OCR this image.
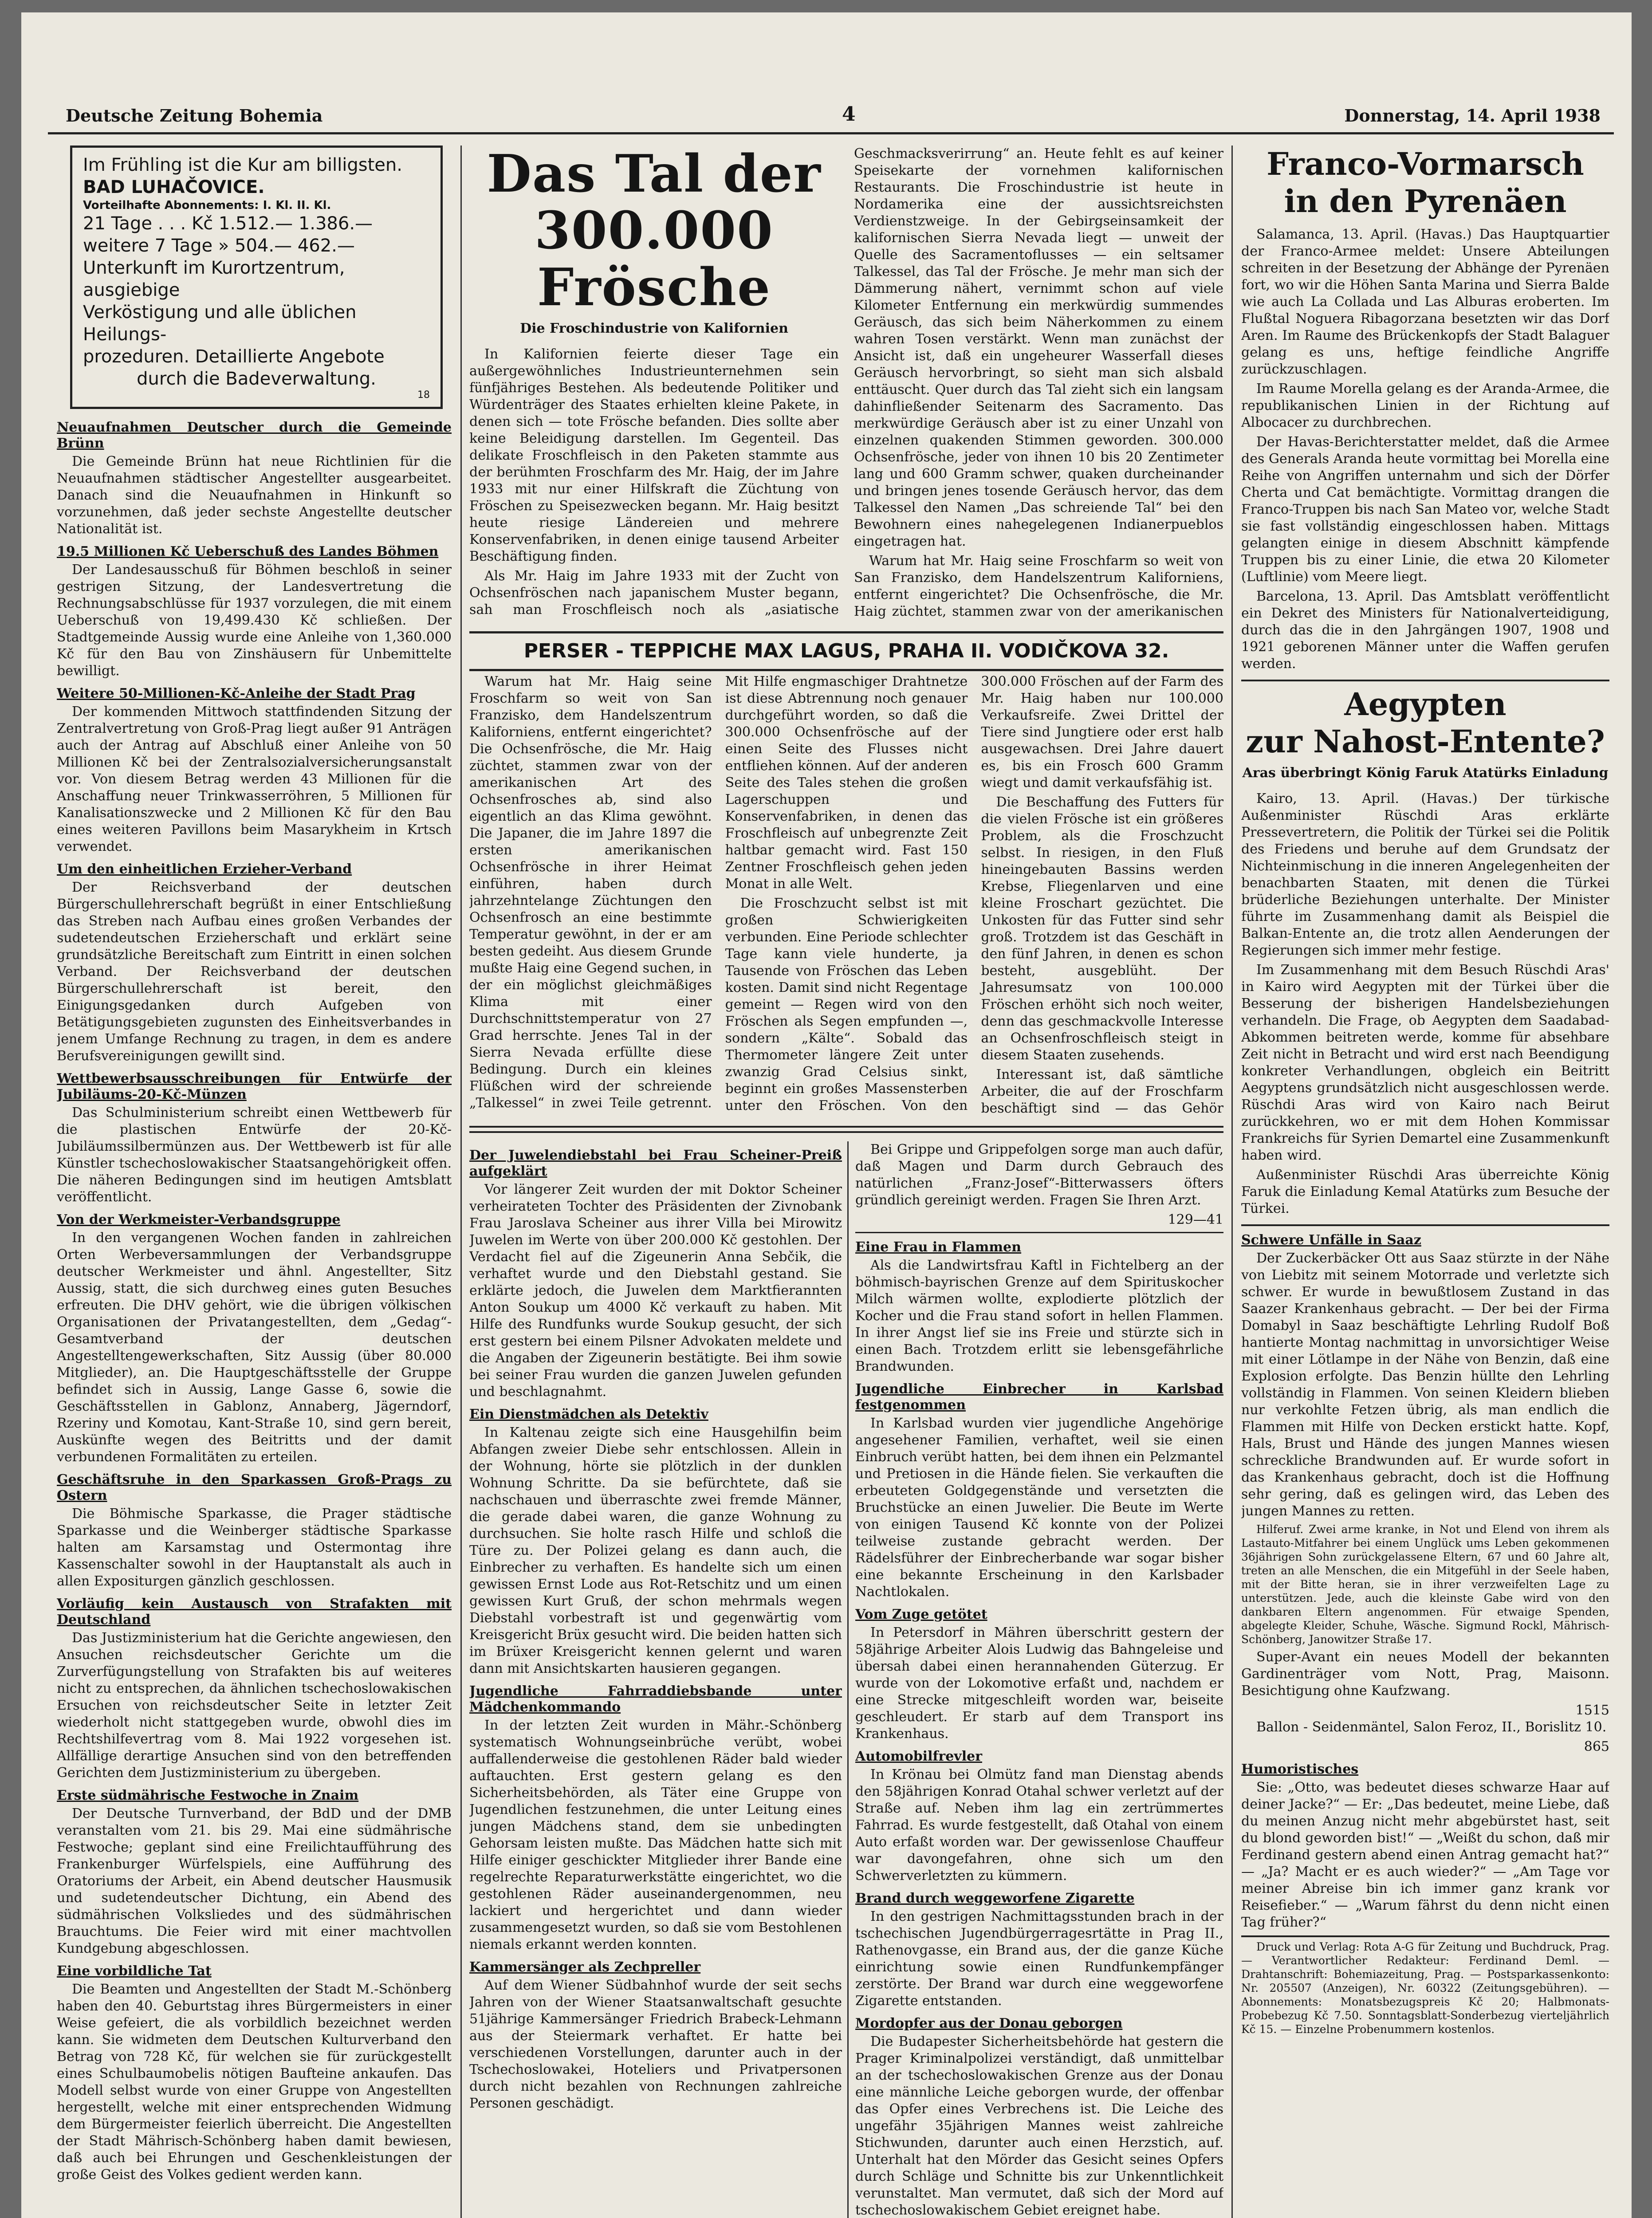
Deutsche Zeitung Bohemia	4	Donnerstag, 14. April 1938
Im Frühling ist die Kur am billigsten.
BAD LUHAČOVICE.
Vorteilhafte Abonnements: I. Kl. II. Kl.
21 Tage . . . Kč 1.512.— 1.386.—
weitere 7 Tage » 504.— 462.—
Unterkunft im Kurortzentrum, ausgiebige
Verköstigung und alle üblichen Heilungs-
prozeduren. Detaillierte Angebote
durch die Badeverwaltung.
18
Neuaufnahmen Deutscher durch die Gemeinde Brünn

Die Gemeinde Brünn hat neue Richtlinien für die Neuaufnahmen städtischer Angestellter ausgearbeitet. Danach sind die Neuaufnahmen in Hinkunft so vorzunehmen, daß jeder sechste Angestellte deutscher Nationalität ist.

19.5 Millionen Kč Ueberschuß des Landes Böhmen

Der Landesausschuß für Böhmen beschloß in seiner gestrigen Sitzung, der Landesvertretung die Rechnungsabschlüsse für 1937 vorzulegen, die mit einem Ueberschuß von 19,499.430 Kč schließen. Der Stadtgemeinde Aussig wurde eine Anleihe von 1,360.000 Kč für den Bau von Zinshäusern für Unbemittelte bewilligt.

Weitere 50-Millionen-Kč-Anleihe der Stadt Prag

Der kommenden Mittwoch stattfindenden Sitzung der Zentralvertretung von Groß-Prag liegt außer 91 Anträgen auch der Antrag auf Abschluß einer Anleihe von 50 Millionen Kč bei der Zentralsozialversicherungsanstalt vor. Von diesem Betrag werden 43 Millionen für die Anschaffung neuer Trinkwasserröhren, 5 Millionen für Kanalisationszwecke und 2 Millionen Kč für den Bau eines weiteren Pavillons beim Masarykheim in Krtsch verwendet.

Um den einheitlichen Erzieher-Verband

Der Reichsverband der deutschen Bürgerschullehrerschaft begrüßt in einer Entschließung das Streben nach Aufbau eines großen Verbandes der sudetendeutschen Erzieherschaft und erklärt seine grundsätzliche Bereitschaft zum Eintritt in einen solchen Verband. Der Reichsverband der deutschen Bürgerschullehrerschaft ist bereit, den Einigungsgedanken durch Aufgeben von Betätigungsgebieten zugunsten des Einheitsverbandes in jenem Umfange Rechnung zu tragen, in dem es andere Berufsvereinigungen gewillt sind.

Wettbewerbsausschreibungen für Entwürfe der Jubiläums-20-Kč-Münzen

Das Schulministerium schreibt einen Wettbewerb für die plastischen Entwürfe der 20-Kč-Jubiläumssilbermünzen aus. Der Wettbewerb ist für alle Künstler tschechoslowakischer Staatsangehörigkeit offen. Die näheren Bedingungen sind im heutigen Amtsblatt veröffentlicht.

Von der Werkmeister-Verbandsgruppe

In den vergangenen Wochen fanden in zahlreichen Orten Werbeversammlungen der Verbandsgruppe deutscher Werkmeister und ähnl. Angestellter, Sitz Aussig, statt, die sich durchweg eines guten Besuches erfreuten. Die DHV gehört, wie die übrigen völkischen Organisationen der Privatangestellten, dem „Gedag“-Gesamtverband der deutschen Angestelltengewerkschaften, Sitz Aussig (über 80.000 Mitglieder), an. Die Hauptgeschäftsstelle der Gruppe befindet sich in Aussig, Lange Gasse 6, sowie die Geschäftsstellen in Gablonz, Annaberg, Jägerndorf, Rzeriny und Komotau, Kant-Straße 10, sind gern bereit, Auskünfte wegen des Beitritts und der damit verbundenen Formalitäten zu erteilen.

Geschäftsruhe in den Sparkassen Groß-Prags zu Ostern

Die Böhmische Sparkasse, die Prager städtische Sparkasse und die Weinberger städtische Sparkasse halten am Karsamstag und Ostermontag ihre Kassenschalter sowohl in der Hauptanstalt als auch in allen Expositurgen gänzlich geschlossen.

Vorläufig kein Austausch von Strafakten mit Deutschland

Das Justizministerium hat die Gerichte angewiesen, den Ansuchen reichsdeutscher Gerichte um die Zurverfügungstellung von Strafakten bis auf weiteres nicht zu entsprechen, da ähnlichen tschechoslowakischen Ersuchen von reichsdeutscher Seite in letzter Zeit wiederholt nicht stattgegeben wurde, obwohl dies im Rechtshilfevertrag vom 8. Mai 1922 vorgesehen ist. Allfällige derartige Ansuchen sind von den betreffenden Gerichten dem Justizministerium zu übergeben.

Erste südmährische Festwoche in Znaim

Der Deutsche Turnverband, der BdD und der DMB veranstalten vom 21. bis 29. Mai eine südmährische Festwoche; geplant sind eine Freilichtaufführung des Frankenburger Würfelspiels, eine Aufführung des Oratoriums der Arbeit, ein Abend deutscher Hausmusik und sudetendeutscher Dichtung, ein Abend des südmährischen Volksliedes und des südmährischen Brauchtums. Die Feier wird mit einer machtvollen Kundgebung abgeschlossen.

Eine vorbildliche Tat

Die Beamten und Angestellten der Stadt M.-Schönberg haben den 40. Geburtstag ihres Bürgermeisters in einer Weise gefeiert, die als vorbildlich bezeichnet werden kann. Sie widmeten dem Deutschen Kulturverband den Betrag von 728 Kč, für welchen sie für zurückgestellt eines Schulbaumobelis nötigen Baufteine ankaufen. Das Modell selbst wurde von einer Gruppe von Angestellten hergestellt, welche mit einer entsprechenden Widmung dem Bürgermeister feierlich überreicht. Die Angestellten der Stadt Mährisch-Schönberg haben damit bewiesen, daß auch bei Ehrungen und Geschenkleistungen der große Geist des Volkes gedient werden kann.

Das Tal der 300.000
Frösche
Die Froschindustrie von Kalifornien

In Kalifornien feierte dieser Tage ein außergewöhnliches Industrieunternehmen sein fünfjähriges Bestehen. Als bedeutende Politiker und Würdenträger des Staates erhielten kleine Pakete, in denen sich — tote Frösche befanden. Dies sollte aber keine Beleidigung darstellen. Im Gegenteil. Das delikate Froschfleisch in den Paketen stammte aus der berühmten Froschfarm des Mr. Haig, der im Jahre 1933 mit nur einer Hilfskraft die Züchtung von Fröschen zu Speisezwecken begann. Mr. Haig besitzt heute riesige Ländereien und mehrere Konservenfabriken, in denen einige tausend Arbeiter Beschäftigung finden.

Als Mr. Haig im Jahre 1933 mit der Zucht von Ochsenfröschen nach japanischem Muster begann, sah man Froschfleisch noch als „asiatische Geschmacksverirrung“ an. Heute fehlt es auf keiner Speisekarte der vornehmen kalifornischen Restaurants. Die Froschindustrie ist heute in Nordamerika eine der aussichtsreichsten Verdienstzweige. In der Gebirgseinsamkeit der kalifornischen Sierra Nevada liegt — unweit der Quelle des Sacramentoflusses — ein seltsamer Talkessel, das Tal der Frösche. Je mehr man sich der Dämmerung nähert, vernimmt schon auf viele Kilometer Entfernung ein merkwürdig summendes Geräusch, das sich beim Näherkommen zu einem wahren Tosen verstärkt. Wenn man zunächst der Ansicht ist, daß ein ungeheurer Wasserfall dieses Geräusch hervorbringt, so sieht man sich alsbald enttäuscht. Quer durch das Tal zieht sich ein langsam dahinfließender Seitenarm des Sacramento. Das merkwürdige Geräusch aber ist zu einer Unzahl von einzelnen quakenden Stimmen geworden. 300.000 Ochsenfrösche, jeder von ihnen 10 bis 20 Zentimeter lang und 600 Gramm schwer, quaken durcheinander und bringen jenes tosende Geräusch hervor, das dem Talkessel den Namen „Das schreiende Tal“ bei den Bewohnern eines nahegelegenen Indianerpueblos eingetragen hat.

Warum hat Mr. Haig seine Froschfarm so weit von San Franzisko, dem Handelszentrum Kaliforniens, entfernt eingerichtet? Die Ochsenfrösche, die Mr. Haig züchtet, stammen zwar von der amerikanischen

PERSER - TEPPICHE MAX LAGUS, PRAHA II. VODIČKOVA 32.

Warum hat Mr. Haig seine Froschfarm so weit von San Franzisko, dem Handelszentrum Kaliforniens, entfernt eingerichtet? Die Ochsenfrösche, die Mr. Haig züchtet, stammen zwar von der amerikanischen Art des Ochsenfrosches ab, sind also eigentlich an das Klima gewöhnt. Die Japaner, die im Jahre 1897 die ersten amerikanischen Ochsenfrösche in ihrer Heimat einführen, haben durch jahrzehntelange Züchtungen den Ochsenfrosch an eine bestimmte Temperatur gewöhnt, in der er am besten gedeiht. Aus diesem Grunde mußte Haig eine Gegend suchen, in der ein möglichst gleichmäßiges Klima mit einer Durchschnittstemperatur von 27 Grad herrschte. Jenes Tal in der Sierra Nevada erfüllte diese Bedingung. Durch ein kleines Flüßchen wird der schreiende „Talkessel“ in zwei Teile getrennt. Mit Hilfe engmaschiger Drahtnetze ist diese Abtrennung noch genauer durchgeführt worden, so daß die 300.000 Ochsenfrösche auf der einen Seite des Flusses nicht entfliehen können. Auf der anderen Seite des Tales stehen die großen Lagerschuppen und Konservenfabriken, in denen das Froschfleisch auf unbegrenzte Zeit haltbar gemacht wird. Fast 150 Zentner Froschfleisch gehen jeden Monat in alle Welt.

Die Froschzucht selbst ist mit großen Schwierigkeiten verbunden. Eine Periode schlechter Tage kann viele hunderte, ja Tausende von Fröschen das Leben kosten. Damit sind nicht Regentage gemeint — Regen wird von den Fröschen als Segen empfunden —, sondern „Kälte“. Sobald das Thermometer längere Zeit unter zwanzig Grad Celsius sinkt, beginnt ein großes Massensterben unter den Fröschen. Von den 300.000 Fröschen auf der Farm des Mr. Haig haben nur 100.000 Verkaufsreife. Zwei Drittel der Tiere sind Jungtiere oder erst halb ausgewachsen. Drei Jahre dauert es, bis ein Frosch 600 Gramm wiegt und damit verkaufsfähig ist.

Die Beschaffung des Futters für die vielen Frösche ist ein größeres Problem, als die Froschzucht selbst. In riesigen, in den Fluß hineingebauten Bassins werden Krebse, Fliegenlarven und eine kleine Froschart gezüchtet. Die Unkosten für das Futter sind sehr groß. Trotzdem ist das Geschäft in den fünf Jahren, in denen es schon besteht, ausgeblüht. Der Jahresumsatz von 100.000 Fröschen erhöht sich noch weiter, denn das geschmackvolle Interesse an Ochsenfroschfleisch steigt in diesem Staaten zusehends.

Interessant ist, daß sämtliche Arbeiter, die auf der Froschfarm beschäftigt sind — das Gehör

Der Juwelendiebstahl bei Frau Scheiner-Preiß aufgeklärt

Vor längerer Zeit wurden der mit Doktor Scheiner verheirateten Tochter des Präsidenten der Zivnobank Frau Jaroslava Scheiner aus ihrer Villa bei Mirowitz Juwelen im Werte von über 200.000 Kč gestohlen. Der Verdacht fiel auf die Zigeunerin Anna Sebčik, die verhaftet wurde und den Diebstahl gestand. Sie erklärte jedoch, die Juwelen dem Marktfierannten Anton Soukup um 4000 Kč verkauft zu haben. Mit Hilfe des Rundfunks wurde Soukup gesucht, der sich erst gestern bei einem Pilsner Advokaten meldete und die Angaben der Zigeunerin bestätigte. Bei ihm sowie bei seiner Frau wurden die ganzen Juwelen gefunden und beschlagnahmt.

Ein Dienstmädchen als Detektiv

In Kaltenau zeigte sich eine Hausgehilfin beim Abfangen zweier Diebe sehr entschlossen. Allein in der Wohnung, hörte sie plötzlich in der dunklen Wohnung Schritte. Da sie befürchtete, daß sie nachschauen und überraschte zwei fremde Männer, die gerade dabei waren, die ganze Wohnung zu durchsuchen. Sie holte rasch Hilfe und schloß die Türe zu. Der Polizei gelang es dann auch, die Einbrecher zu verhaften. Es handelte sich um einen gewissen Ernst Lode aus Rot-Retschitz und um einen gewissen Kurt Gruß, der schon mehrmals wegen Diebstahl vorbestraft ist und gegenwärtig vom Kreisgericht Brüx gesucht wird. Die beiden hatten sich im Brüxer Kreisgericht kennen gelernt und waren dann mit Ansichtskarten hausieren gegangen.

Jugendliche Fahrraddiebsbande unter Mädchenkommando

In der letzten Zeit wurden in Mähr.-Schönberg systematisch Wohnungseinbrüche verübt, wobei auffallenderweise die gestohlenen Räder bald wieder auftauchten. Erst gestern gelang es den Sicherheitsbehörden, als Täter eine Gruppe von Jugendlichen festzunehmen, die unter Leitung eines jungen Mädchens stand, dem sie unbedingten Gehorsam leisten mußte. Das Mädchen hatte sich mit Hilfe einiger geschickter Mitglieder ihrer Bande eine regelrechte Reparaturwerkstätte eingerichtet, wo die gestohlenen Räder auseinandergenommen, neu lackiert und hergerichtet und dann wieder zusammengesetzt wurden, so daß sie vom Bestohlenen niemals erkannt werden konnten.

Kammersänger als Zechpreller

Auf dem Wiener Südbahnhof wurde der seit sechs Jahren von der Wiener Staatsanwaltschaft gesuchte 51jährige Kammersänger Friedrich Brabeck-Lehmann aus der Steiermark verhaftet. Er hatte bei verschiedenen Vorstellungen, darunter auch in der Tschechoslowakei, Hoteliers und Privatpersonen durch nicht bezahlen von Rechnungen zahlreiche Personen geschädigt.

Bei Grippe und Grippefolgen sorge man auch dafür, daß Magen und Darm durch Gebrauch des natürlichen „Franz-Josef“-Bitterwassers öfters gründlich gereinigt werden. Fragen Sie Ihren Arzt.

129—41
Eine Frau in Flammen

Als die Landwirtsfrau Kaftl in Fichtelberg an der böhmisch-bayrischen Grenze auf dem Spirituskocher Milch wärmen wollte, explodierte plötzlich der Kocher und die Frau stand sofort in hellen Flammen. In ihrer Angst lief sie ins Freie und stürzte sich in einen Bach. Trotzdem erlitt sie lebensgefährliche Brandwunden.

Jugendliche Einbrecher in Karlsbad festgenommen

In Karlsbad wurden vier jugendliche Angehörige angesehener Familien, verhaftet, weil sie einen Einbruch verübt hatten, bei dem ihnen ein Pelzmantel und Pretiosen in die Hände fielen. Sie verkauften die erbeuteten Goldgegenstände und versetzten die Bruchstücke an einen Juwelier. Die Beute im Werte von einigen Tausend Kč konnte von der Polizei teilweise zustande gebracht werden. Der Rädelsführer der Einbrecherbande war sogar bisher eine bekannte Erscheinung in den Karlsbader Nachtlokalen.

Vom Zuge getötet

In Petersdorf in Mähren überschritt gestern der 58jährige Arbeiter Alois Ludwig das Bahngeleise und übersah dabei einen herannahenden Güterzug. Er wurde von der Lokomotive erfaßt und, nachdem er eine Strecke mitgeschleift worden war, beiseite geschleudert. Er starb auf dem Transport ins Krankenhaus.

Automobilfrevler

In Krönau bei Olmütz fand man Dienstag abends den 58jährigen Konrad Otahal schwer verletzt auf der Straße auf. Neben ihm lag ein zertrümmertes Fahrrad. Es wurde festgestellt, daß Otahal von einem Auto erfaßt worden war. Der gewissenlose Chauffeur war davongefahren, ohne sich um den Schwerverletzten zu kümmern.

Brand durch weggeworfene Zigarette

In den gestrigen Nachmittagsstunden brach in der tschechischen Jugendbürgerragesrtätte in Prag II., Rathenovgasse, ein Brand aus, der die ganze Küche einrichtung sowie einen Rundfunkempfänger zerstörte. Der Brand war durch eine weggeworfene Zigarette entstanden.

Mordopfer aus der Donau geborgen

Die Budapester Sicherheitsbehörde hat gestern die Prager Kriminalpolizei verständigt, daß unmittelbar an der tschechoslowakischen Grenze aus der Donau eine männliche Leiche geborgen wurde, der offenbar das Opfer eines Verbrechens ist. Die Leiche des ungefähr 35jährigen Mannes weist zahlreiche Stichwunden, darunter auch einen Herzstich, auf. Unterhalt hat den Mörder das Gesicht seines Opfers durch Schläge und Schnitte bis zur Unkenntlichkeit verunstaltet. Man vermutet, daß sich der Mord auf tschechoslowakischem Gebiet ereignet habe.

Franco-Vormarsch
in den Pyrenäen

Salamanca, 13. April. (Havas.) Das Hauptquartier der Franco-Armee meldet: Unsere Abteilungen schreiten in der Besetzung der Abhänge der Pyrenäen fort, wo wir die Höhen Santa Marina und Sierra Balde wie auch La Collada und Las Alburas eroberten. Im Flußtal Noguera Ribagorzana besetzten wir das Dorf Aren. Im Raume des Brückenkopfs der Stadt Balaguer gelang es uns, heftige feindliche Angriffe zurückzuschlagen.

Im Raume Morella gelang es der Aranda-Armee, die republikanischen Linien in der Richtung auf Albocacer zu durchbrechen.

Der Havas-Berichterstatter meldet, daß die Armee des Generals Aranda heute vormittag bei Morella eine Reihe von Angriffen unternahm und sich der Dörfer Cherta und Cat bemächtigte. Vormittag drangen die Franco-Truppen bis nach San Mateo vor, welche Stadt sie fast vollständig eingeschlossen haben. Mittags gelangten einige in diesem Abschnitt kämpfende Truppen bis zu einer Linie, die etwa 20 Kilometer (Luftlinie) vom Meere liegt.

Barcelona, 13. April. Das Amtsblatt veröffentlicht ein Dekret des Ministers für Nationalverteidigung, durch das die in den Jahrgängen 1907, 1908 und 1921 geborenen Männer unter die Waffen gerufen werden.

Aegypten
zur Nahost-Entente?
Aras überbringt König Faruk Atatürks Einladung

Kairo, 13. April. (Havas.) Der türkische Außenminister Rüschdi Aras erklärte Pressevertretern, die Politik der Türkei sei die Politik des Friedens und beruhe auf dem Grundsatz der Nichteinmischung in die inneren Angelegenheiten der benachbarten Staaten, mit denen die Türkei brüderliche Beziehungen unterhalte. Der Minister führte im Zusammenhang damit als Beispiel die Balkan-Entente an, die trotz allen Aenderungen der Regierungen sich immer mehr festige.

Im Zusammenhang mit dem Besuch Rüschdi Aras' in Kairo wird Aegypten mit der Türkei über die Besserung der bisherigen Handelsbeziehungen verhandeln. Die Frage, ob Aegypten dem Saadabad-Abkommen beitreten werde, komme für absehbare Zeit nicht in Betracht und wird erst nach Beendigung konkreter Verhandlungen, obgleich ein Beitritt Aegyptens grundsätzlich nicht ausgeschlossen werde. Rüschdi Aras wird von Kairo nach Beirut zurückkehren, wo er mit dem Hohen Kommissar Frankreichs für Syrien Demartel eine Zusammenkunft haben wird.

Außenminister Rüschdi Aras überreichte König Faruk die Einladung Kemal Atatürks zum Besuche der Türkei.

Schwere Unfälle in Saaz

Der Zuckerbäcker Ott aus Saaz stürzte in der Nähe von Liebitz mit seinem Motorrade und verletzte sich schwer. Er wurde in bewußtlosem Zustand in das Saazer Krankenhaus gebracht. — Der bei der Firma Domabyl in Saaz beschäftigte Lehrling Rudolf Boß hantierte Montag nachmittag in unvorsichtiger Weise mit einer Lötlampe in der Nähe von Benzin, daß eine Explosion erfolgte. Das Benzin hüllte den Lehrling vollständig in Flammen. Von seinen Kleidern blieben nur verkohlte Fetzen übrig, als man endlich die Flammen mit Hilfe von Decken erstickt hatte. Kopf, Hals, Brust und Hände des jungen Mannes wiesen schreckliche Brandwunden auf. Er wurde sofort in das Krankenhaus gebracht, doch ist die Hoffnung sehr gering, daß es gelingen wird, das Leben des jungen Mannes zu retten.

Hilferuf. Zwei arme kranke, in Not und Elend von ihrem als Lastauto-Mitfahrer bei einem Unglück ums Leben gekommenen 36jährigen Sohn zurückgelassene Eltern, 67 und 60 Jahre alt, treten an alle Menschen, die ein Mitgefühl in der Seele haben, mit der Bitte heran, sie in ihrer verzweifelten Lage zu unterstützen. Jede, auch die kleinste Gabe wird von den dankbaren Eltern angenommen. Für etwaige Spenden, abgelegte Kleider, Schuhe, Wäsche. Sigmund Rockl, Mährisch-Schönberg, Janowitzer Straße 17.

Super-Avant ein neues Modell der bekannten Gardinenträger vom Nott, Prag, Maisonn. Besichtigung ohne Kaufzwang.

1515

Ballon - Seidenmäntel, Salon Feroz, II., Borislitz 10.

865
Humoristisches

Sie: „Otto, was bedeutet dieses schwarze Haar auf deiner Jacke?“ — Er: „Das bedeutet, meine Liebe, daß du meinen Anzug nicht mehr abgebürstet hast, seit du blond geworden bist!“ — „Weißt du schon, daß mir Ferdinand gestern abend einen Antrag gemacht hat?“ — „Ja? Macht er es auch wieder?“ — „Am Tage vor meiner Abreise bin ich immer ganz krank vor Reisefieber.“ — „Warum fährst du denn nicht einen Tag früher?“

Druck und Verlag: Rota A-G für Zeitung und Buchdruck, Prag. — Verantwortlicher Redakteur: Ferdinand Deml. — Drahtanschrift: Bohemiazeitung, Prag. — Postsparkassenkonto: Nr. 205507 (Anzeigen), Nr. 60322 (Zeitungsgebühren). — Abonnements: Monatsbezugspreis Kč 20; Halbmonats-Probebezug Kč 7.50. Sonntagsblatt-Sonderbezug vierteljährlich Kč 15. — Einzelne Probenummern kostenlos.
